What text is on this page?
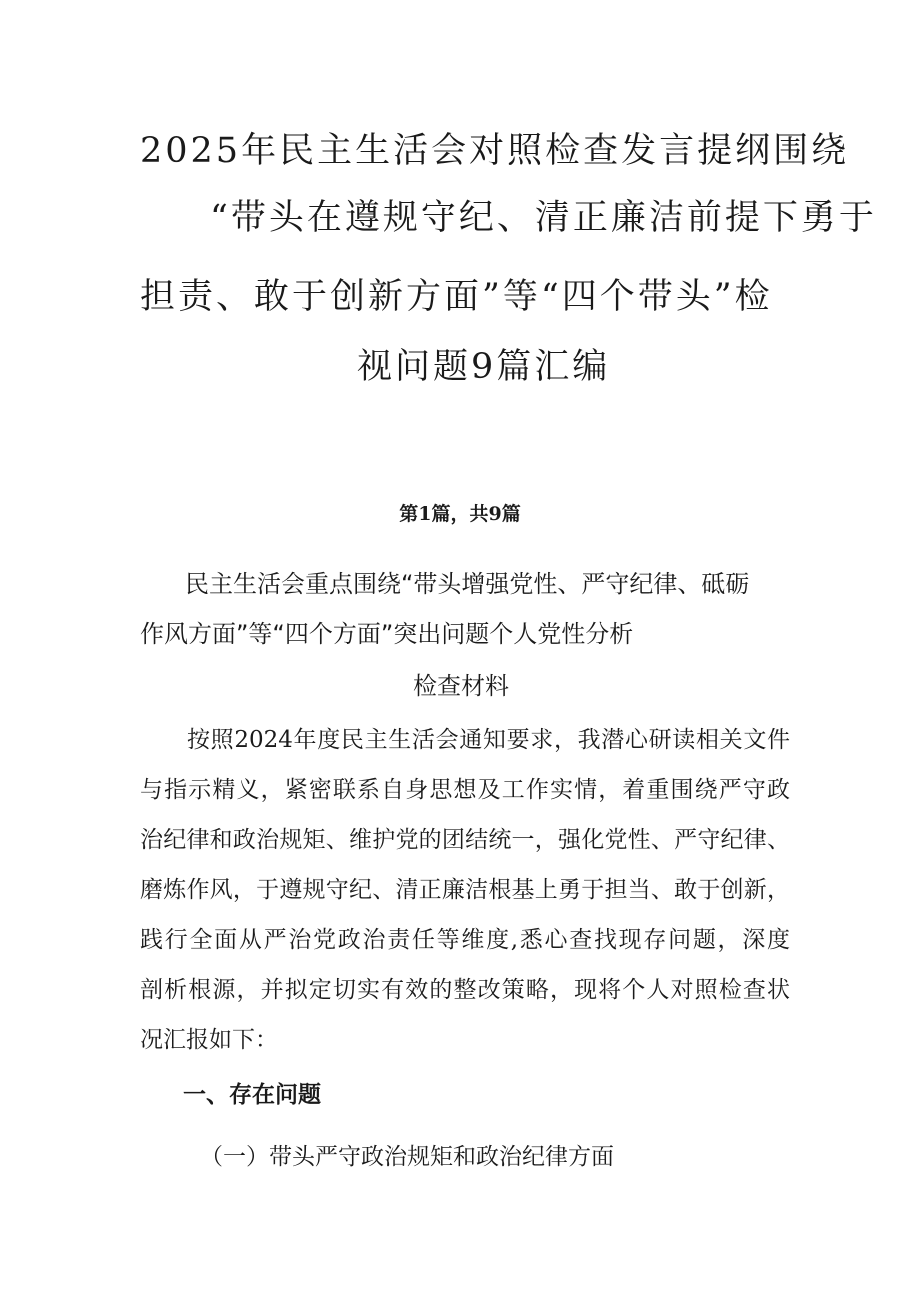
2025年民主生活会对照检查发言提纲围绕
“带头在遵规守纪、清正廉洁前提下勇于
担责、敢于创新方面”等“四个带头”检
视问题9篇汇编
第1篇，共9篇
民主生活会重点围绕“带头增强党性、严守纪律、砥砺
作风方面”等“四个方面”突出问题个人党性分析
检查材料
按照2024年度民主生活会通知要求，我潜心研读相关文件
与指示精义，紧密联系自身思想及工作实情，着重围绕严守政
治纪律和政治规矩、维护党的团结统一，强化党性、严守纪律、
磨炼作风，于遵规守纪、清正廉洁根基上勇于担当、敢于创新，
践行全面从严治党政治责任等维度,悉心查找现存问题，深度
剖析根源，并拟定切实有效的整改策略，现将个人对照检查状
况汇报如下：
一、存在问题
（一）带头严守政治规矩和政治纪律方面
